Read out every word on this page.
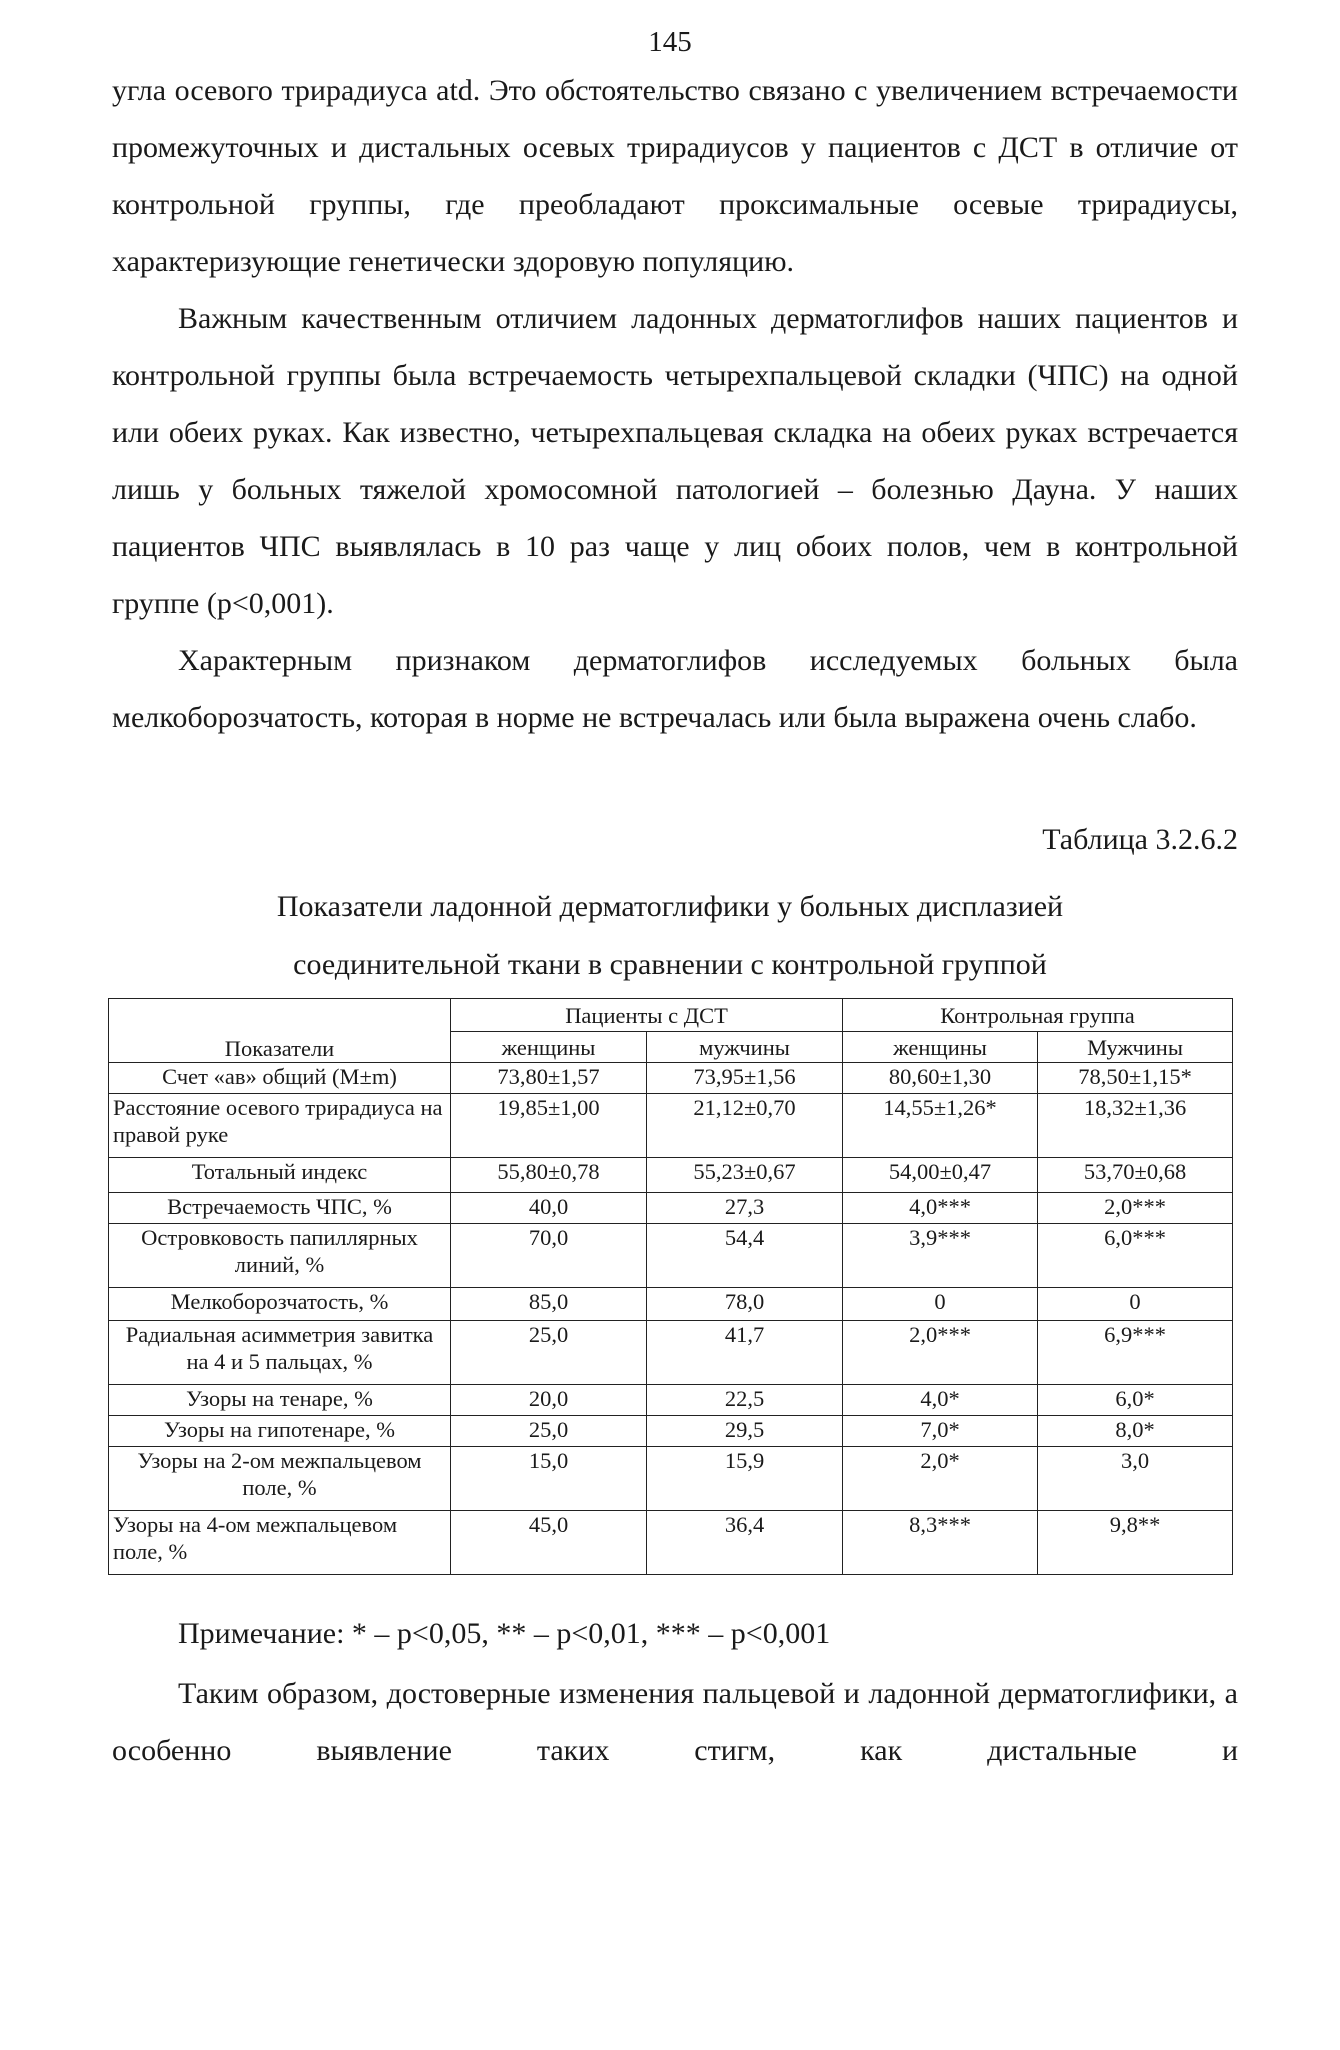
145

угла осевого трирадиуса atd. Это обстоятельство связано с увеличением встречаемости промежуточных и дистальных осевых трирадиусов у пациентов с ДСТ в отличие от контрольной группы, где преобладают проксимальные осевые трирадиусы, характеризующие генетически здоровую популяцию.

Важным качественным отличием ладонных дерматоглифов наших пациентов и контрольной группы была встречаемость четырехпальцевой складки (ЧПС) на одной или обеих руках. Как известно, четырехпальцевая складка на обеих руках встречается лишь у больных тяжелой хромосомной патологией – болезнью Дауна. У наших пациентов ЧПС выявлялась в 10 раз чаще у лиц обоих полов, чем в контрольной группе (p<0,001).

Характерным признаком дерматоглифов исследуемых больных была мелкоборозчатость, которая в норме не встречалась или была выражена очень слабо.

Таблица 3.2.6.2
Показатели ладонной дерматоглифики у больных дисплазией
соединительной ткани в сравнении с контрольной группой
Показатели	Пациенты с ДСТ		Контрольная группа	
	женщины	мужчины	женщины	Мужчины
Счет «ав» общий (M±m)	73,80±1,57	73,95±1,56	80,60±1,30	78,50±1,15*
Расстояние осевого трирадиуса на правой руке	19,85±1,00	21,12±0,70	14,55±1,26*	18,32±1,36
Тотальный индекс	55,80±0,78	55,23±0,67	54,00±0,47	53,70±0,68
Встречаемость ЧПС, %	40,0	27,3	4,0***	2,0***
Островковость папиллярных линий, %	70,0	54,4	3,9***	6,0***
Мелкоборозчатость, %	85,0	78,0	0	0
Радиальная асимметрия завитка на 4 и 5 пальцах, %	25,0	41,7	2,0***	6,9***
Узоры на тенаре, %	20,0	22,5	4,0*	6,0*
Узоры на гипотенаре, %	25,0	29,5	7,0*	8,0*
Узоры на 2-ом межпальцевом поле, %	15,0	15,9	2,0*	3,0
Узоры на 4-ом межпальцевом поле, %	45,0	36,4	8,3***	9,8**
Примечание: * – p<0,05, ** – p<0,01, *** – p<0,001

Таким образом, достоверные изменения пальцевой и ладонной дерматоглифики, а особенно выявление таких стигм, как дистальные и
